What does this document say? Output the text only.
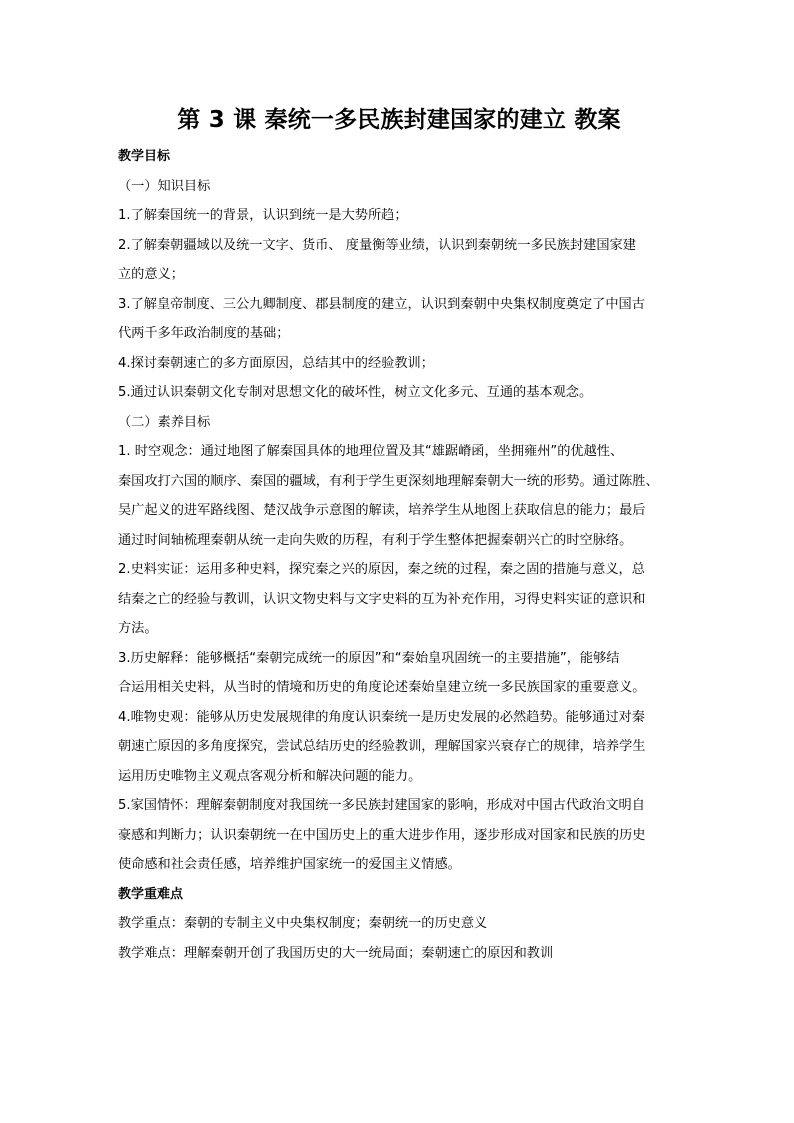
第 3 课 秦统一多民族封建国家的建立 教案
教学目标
（一）知识目标
1.了解秦国统一的背景，认识到统一是大势所趋；
2.了解秦朝疆域以及统一文字、货币、 度量衡等业绩，认识到秦朝统一多民族封建国家建
立的意义；
3.了解皇帝制度、三公九卿制度、郡县制度的建立，认识到秦朝中央集权制度奠定了中国古
代两千多年政治制度的基础；
4.探讨秦朝速亡的多方面原因，总结其中的经验教训；
5.通过认识秦朝文化专制对思想文化的破坏性，树立文化多元、互通的基本观念。
（二）素养目标
1. 时空观念：通过地图了解秦国具体的地理位置及其“雄踞嵴函，坐拥雍州”的优越性、
秦国攻打六国的顺序、秦国的疆域，有利于学生更深刻地理解秦朝大一统的形势。通过陈胜、
吴广起义的进军路线图、楚汉战争示意图的解读，培养学生从地图上获取信息的能力；最后
通过时间轴梳理秦朝从统一走向失败的历程，有利于学生整体把握秦朝兴亡的时空脉络。
2.史料实证：运用多种史料，探究秦之兴的原因，秦之统的过程，秦之固的措施与意义，总
结秦之亡的经验与教训，认识文物史料与文字史料的互为补充作用，习得史料实证的意识和
方法。
3.历史解释：能够概括“秦朝完成统一的原因”和“秦始皇巩固统一的主要措施”，能够结
合运用相关史料，从当时的情境和历史的角度论述秦始皇建立统一多民族国家的重要意义。
4.唯物史观：能够从历史发展规律的角度认识秦统一是历史发展的必然趋势。能够通过对秦
朝速亡原因的多角度探究，尝试总结历史的经验教训，理解国家兴衰存亡的规律，培养学生
运用历史唯物主义观点客观分析和解决问题的能力。
5.家国情怀：理解秦朝制度对我国统一多民族封建国家的影响，形成对中国古代政治文明自
豪感和判断力；认识秦朝统一在中国历史上的重大进步作用，逐步形成对国家和民族的历史
使命感和社会责任感，培养维护国家统一的爱国主义情感。
教学重难点
教学重点：秦朝的专制主义中央集权制度；秦朝统一的历史意义
教学难点：理解秦朝开创了我国历史的大一统局面；秦朝速亡的原因和教训
